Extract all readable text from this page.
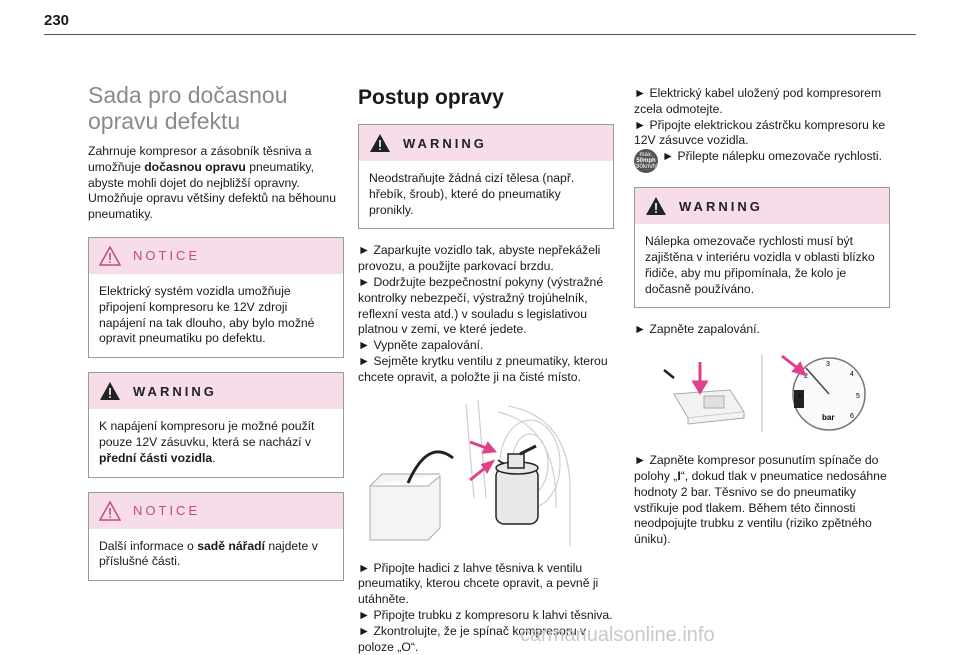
230
Sada pro dočasnou opravu defektu

Zahrnuje kompresor a zásobník těsniva a umožňuje dočasnou opravu pneumatiky, abyste mohli dojet do nejbližší opravny. Umožňuje opravu většiny defektů na běhounu pneumatiky.

NOTICE
Elektrický systém vozidla umožňuje připojení kompresoru ke 12V zdroji napájení na tak dlouho, aby bylo možné opravit pneumatiku po defektu.
WARNING
K napájení kompresoru je možné použít pouze 12V zásuvku, která se nachází v přední části vozidla.
NOTICE
Další informace o sadě nářadí najdete v příslušné části.
Postup opravy
WARNING
Neodstraňujte žádná cizí tělesa (např. hřebík, šroub), které do pneumatiky pronikly.

► Zaparkujte vozidlo tak, abyste nepřekáželi provozu, a použijte parkovací brzdu.

► Dodržujte bezpečnostní pokyny (výstražné kontrolky nebezpečí, výstražný trojúhelník, reflexní vesta atd.) v souladu s legislativou platnou v zemi, ve které jedete.

► Vypněte zapalování.

► Sejměte krytku ventilu z pneumatiky, kterou chcete opravit, a položte ji na čisté místo.

► Připojte hadici z lahve těsniva k ventilu pneumatiky, kterou chcete opravit, a pevně ji utáhněte.

► Připojte trubku z kompresoru k lahvi těsniva.

► Zkontrolujte, že je spínač kompresoru v poloze „O“.

► Elektrický kabel uložený pod kompresorem zcela odmotejte.

► Připojte elektrickou zástrčku kompresoru ke 12V zásuvce vozidla.

max.
50mph
(80km/h)

► Přilepte nálepku omezovače rychlosti.

WARNING
Nálepka omezovače rychlosti musí být zajištěna v interiéru vozidla v oblasti blízko řidiče, aby mu připomínala, že kolo je dočasně používáno.

► Zapněte zapalování.

2
3
4
5
6
1
bar

► Zapněte kompresor posunutím spínače do polohy „I“, dokud tlak v pneumatice nedosáhne hodnoty 2 bar. Těsnivo se do pneumatiky vstřikuje pod tlakem. Během této činnosti neodpojujte trubku z ventilu (riziko zpětného úniku).

carmanualsonline.info
